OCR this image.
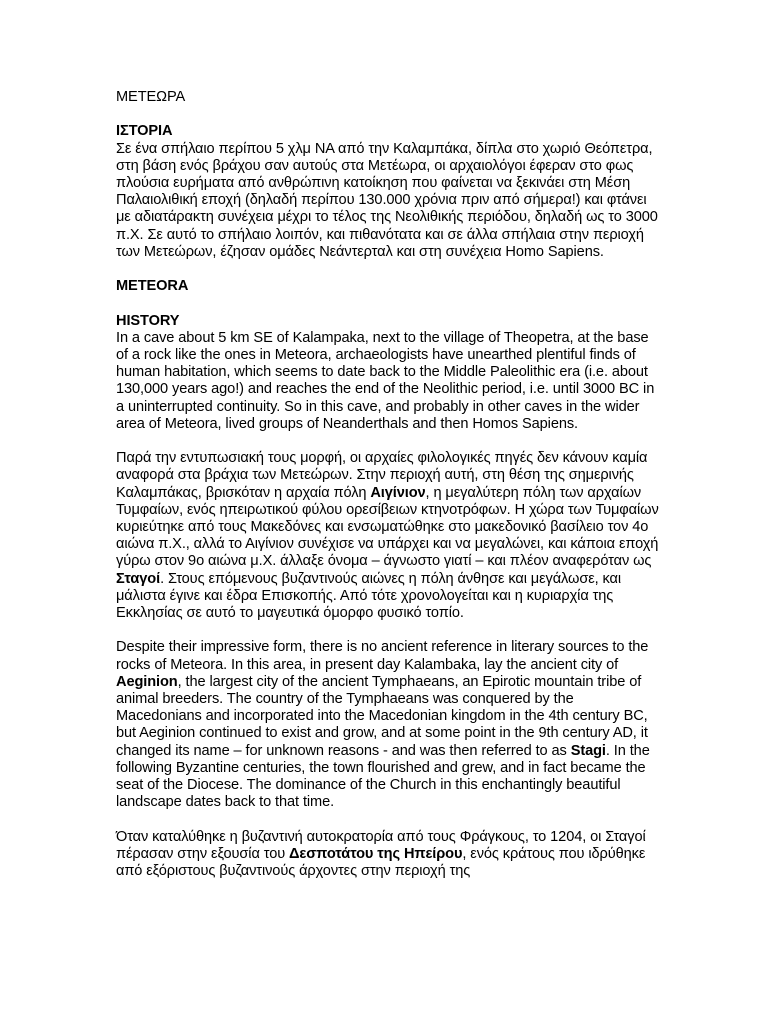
ΜΕΤΕΩΡΑ

ΙΣΤΟΡΙΑ

Σε ένα σπήλαιο περίπου 5 χλμ ΝΑ από την Καλαμπάκα, δίπλα στο χωριό Θεόπετρα, στη βάση ενός βράχου σαν αυτούς στα Μετέωρα, οι αρχαιολόγοι έφεραν στο φως πλούσια ευρήματα από ανθρώπινη κατοίκηση που φαίνεται να ξεκινάει στη Μέση Παλαιολιθική εποχή (δηλαδή περίπου 130.000 χρόνια πριν από σήμερα!) και φτάνει με αδιατάρακτη συνέχεια μέχρι το τέλος της Νεολιθικής περιόδου, δηλαδή ως το 3000 π.Χ. Σε αυτό το σπήλαιο λοιπόν, και πιθανότατα και σε άλλα σπήλαια στην περιοχή των Μετεώρων, έζησαν ομάδες Νεάντερταλ και στη συνέχεια Homo Sapiens.

METEORA

HISTORY

In a cave about 5 km SE of Kalampaka, next to the village of Theopetra, at the base of a rock like the ones in Meteora, archaeologists have unearthed plentiful finds of human habitation, which seems to date back to the Middle Paleolithic era (i.e. about 130,000 years ago!) and reaches the end of the Neolithic period, i.e. until 3000 BC in a uninterrupted continuity. So in this cave, and probably in other caves in the wider area of Meteora, lived groups of Neanderthals and then Homos Sapiens.

Παρά την εντυπωσιακή τους μορφή, οι αρχαίες φιλολογικές πηγές δεν κάνουν καμία αναφορά στα βράχια των Μετεώρων. Στην περιοχή αυτή, στη θέση της σημερινής Καλαμπάκας, βρισκόταν η αρχαία πόλη Αιγίνιον, η μεγαλύτερη πόλη των αρχαίων Τυμφαίων, ενός ηπειρωτικού φύλου ορεσίβειων κτηνοτρόφων. Η χώρα των Τυμφαίων κυριεύτηκε από τους Μακεδόνες και ενσωματώθηκε στο μακεδονικό βασίλειο τον 4ο αιώνα π.Χ., αλλά το Αιγίνιον συνέχισε να υπάρχει και να μεγαλώνει, και κάποια εποχή γύρω στον 9ο αιώνα μ.Χ. άλλαξε όνομα – άγνωστο γιατί – και πλέον αναφερόταν ως Σταγοί. Στους επόμενους βυζαντινούς αιώνες η πόλη άνθησε και μεγάλωσε, και μάλιστα έγινε και έδρα Επισκοπής. Από τότε χρονολογείται και η κυριαρχία της Εκκλησίας σε αυτό το μαγευτικά όμορφο φυσικό τοπίο.

Despite their impressive form, there is no ancient reference in literary sources to the rocks of Meteora. In this area, in present day Kalambaka, lay the ancient city of Aeginion, the largest city of the ancient Tymphaeans, an Epirotic mountain tribe of animal breeders. The country of the Tymphaeans was conquered by the Macedonians and incorporated into the Macedonian kingdom in the 4th century BC, but Aeginion continued to exist and grow, and at some point in the 9th century AD, it changed its name – for unknown reasons - and was then referred to as Stagi. In the following Byzantine centuries, the town flourished and grew, and in fact became the seat of the Diocese. The dominance of the Church in this enchantingly beautiful landscape dates back to that time.

Όταν καταλύθηκε η βυζαντινή αυτοκρατορία από τους Φράγκους, το 1204, οι Σταγοί πέρασαν στην εξουσία του Δεσποτάτου της Ηπείρου, ενός κράτους που ιδρύθηκε από εξόριστους βυζαντινούς άρχοντες στην περιοχή της
